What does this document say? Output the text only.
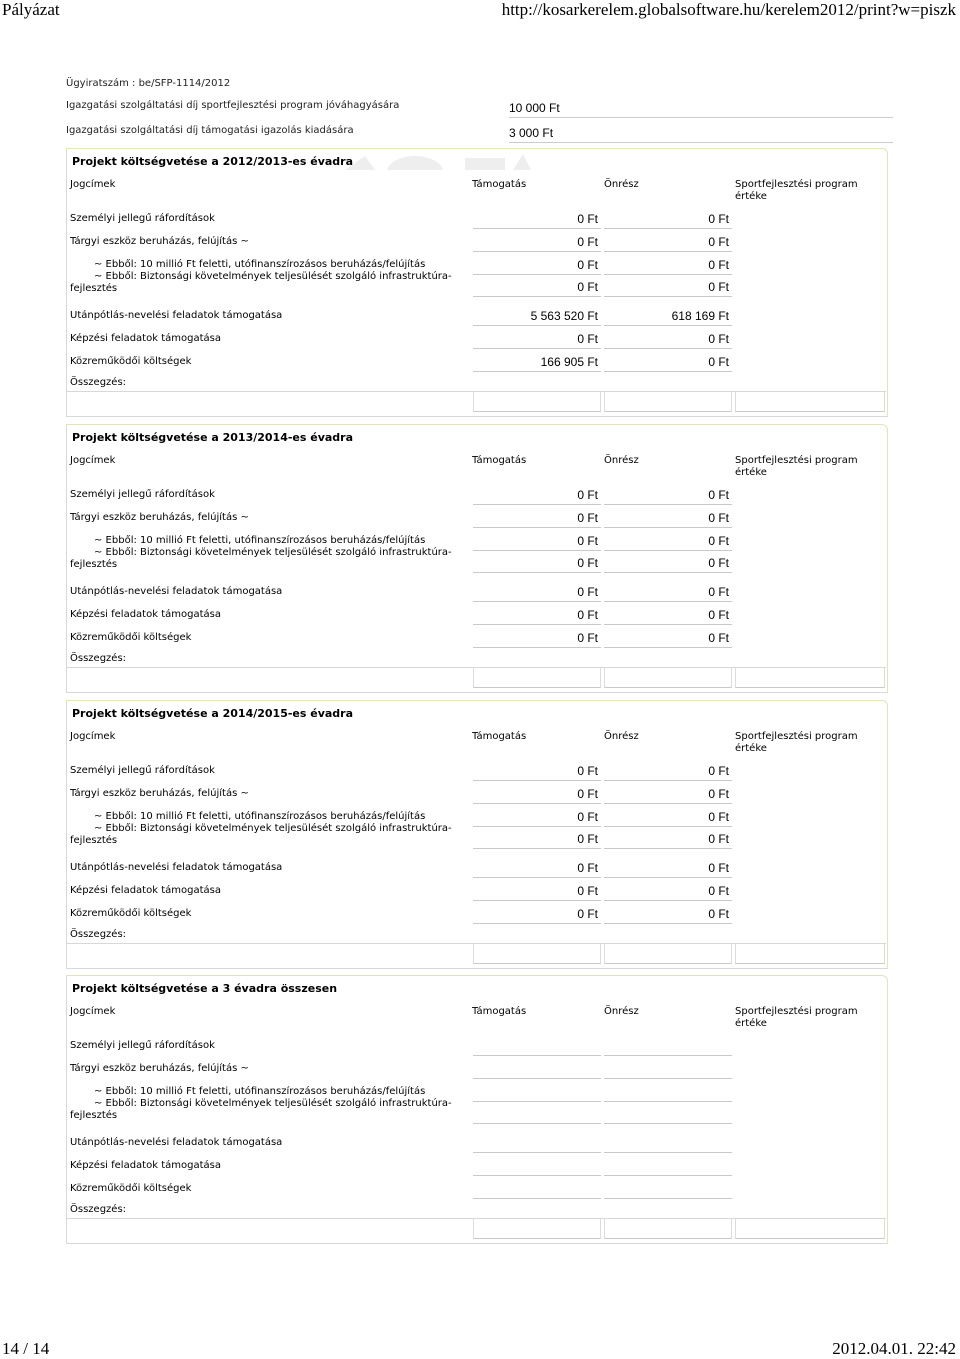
Pályázat	http://kosarkerelem.globalsoftware.hu/kerelem2012/print?w=piszk
Ügyiratszám : be/SFP-1114/2012
Igazgatási szolgáltatási díj sportfejlesztési program jóváhagyására	10 000 Ft
Igazgatási szolgáltatási díj támogatási igazolás kiadására	3 000 Ft
Projekt költségvetése a 2012/2013-es évadra
Jogcímek	Támogatás	Önrész	Sportfejlesztési program
értéke
Személyi jellegű ráfordítások	0 Ft	0 Ft
Tárgyi eszköz beruházás, felújítás ~	0 Ft	0 Ft
~ Ebből: 10 millió Ft feletti, utófinanszírozásos beruházás/felújítás	0 Ft	0 Ft
~ Ebből: Biztonsági követelmények teljesülését szolgáló infrastruktúra-
fejlesztés	0 Ft	0 Ft
Utánpótlás-nevelési feladatok támogatása	5 563 520 Ft	618 169 Ft
Képzési feladatok támogatása	0 Ft	0 Ft
Közreműködői költségek	166 905 Ft	0 Ft
Összegzés:
Projekt költségvetése a 2013/2014-es évadra
Jogcímek	Támogatás	Önrész	Sportfejlesztési program
értéke
Személyi jellegű ráfordítások	0 Ft	0 Ft
Tárgyi eszköz beruházás, felújítás ~	0 Ft	0 Ft
~ Ebből: 10 millió Ft feletti, utófinanszírozásos beruházás/felújítás	0 Ft	0 Ft
~ Ebből: Biztonsági követelmények teljesülését szolgáló infrastruktúra-
fejlesztés	0 Ft	0 Ft
Utánpótlás-nevelési feladatok támogatása	0 Ft	0 Ft
Képzési feladatok támogatása	0 Ft	0 Ft
Közreműködői költségek	0 Ft	0 Ft
Összegzés:
Projekt költségvetése a 2014/2015-es évadra
Jogcímek	Támogatás	Önrész	Sportfejlesztési program
értéke
Személyi jellegű ráfordítások	0 Ft	0 Ft
Tárgyi eszköz beruházás, felújítás ~	0 Ft	0 Ft
~ Ebből: 10 millió Ft feletti, utófinanszírozásos beruházás/felújítás	0 Ft	0 Ft
~ Ebből: Biztonsági követelmények teljesülését szolgáló infrastruktúra-
fejlesztés	0 Ft	0 Ft
Utánpótlás-nevelési feladatok támogatása	0 Ft	0 Ft
Képzési feladatok támogatása	0 Ft	0 Ft
Közreműködői költségek	0 Ft	0 Ft
Összegzés:
Projekt költségvetése a 3 évadra összesen
Jogcímek	Támogatás	Önrész	Sportfejlesztési program
értéke
Személyi jellegű ráfordítások
Tárgyi eszköz beruházás, felújítás ~
~ Ebből: 10 millió Ft feletti, utófinanszírozásos beruházás/felújítás
~ Ebből: Biztonsági követelmények teljesülését szolgáló infrastruktúra-
fejlesztés
Utánpótlás-nevelési feladatok támogatása
Képzési feladatok támogatása
Közreműködői költségek
Összegzés:
14 / 14	2012.04.01. 22:42
